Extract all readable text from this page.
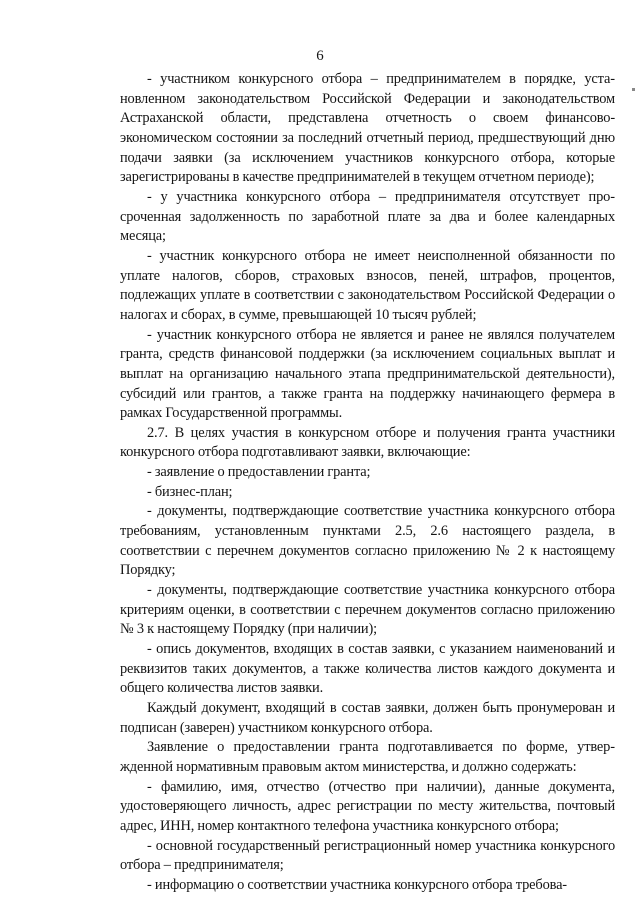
6

- участником конкурсного отбора – предпринимателем в порядке, установленном законодательством Российской Федерации и законодательством Астраханской области, представлена отчетность о своем финансово-экономическом состоянии за последний отчетный период, предшествующий дню подачи заявки (за исключением участников конкурсного отбора, которые зарегистрированы в качестве предпринимателей в текущем отчетном периоде);

- у участника конкурсного отбора – предпринимателя отсутствует просроченная задолженность по заработной плате за два и более календарных месяца;

- участник конкурсного отбора не имеет неисполненной обязанности по уплате налогов, сборов, страховых взносов, пеней, штрафов, процентов, подлежащих уплате в соответствии с законодательством Российской Федерации о налогах и сборах, в сумме, превышающей 10 тысяч рублей;

- участник конкурсного отбора не является и ранее не являлся получателем гранта, средств финансовой поддержки (за исключением социальных выплат и выплат на организацию начального этапа предпринимательской деятельности), субсидий или грантов, а также гранта на поддержку начинающего фермера в рамках Государственной программы.

2.7. В целях участия в конкурсном отборе и получения гранта участники конкурсного отбора подготавливают заявки, включающие:

- заявление о предоставлении гранта;

- бизнес-план;

- документы, подтверждающие соответствие участника конкурсного отбора требованиям, установленным пунктами 2.5, 2.6 настоящего раздела, в соответствии с перечнем документов согласно приложению № 2 к настоящему Порядку;

- документы, подтверждающие соответствие участника конкурсного отбора критериям оценки, в соответствии с перечнем документов согласно приложению № 3 к настоящему Порядку (при наличии);

- опись документов, входящих в состав заявки, с указанием наименований и реквизитов таких документов, а также количества листов каждого документа и общего количества листов заявки.

Каждый документ, входящий в состав заявки, должен быть пронумерован и подписан (заверен) участником конкурсного отбора.

Заявление о предоставлении гранта подготавливается по форме, утвержденной нормативным правовым актом министерства, и должно содержать:

- фамилию, имя, отчество (отчество при наличии), данные документа, удостоверяющего личность, адрес регистрации по месту жительства, почтовый адрес, ИНН, номер контактного телефона участника конкурсного отбора;

- основной государственный регистрационный номер участника конкурсного отбора – предпринимателя;

- информацию о соответствии участника конкурсного отбора требова-
